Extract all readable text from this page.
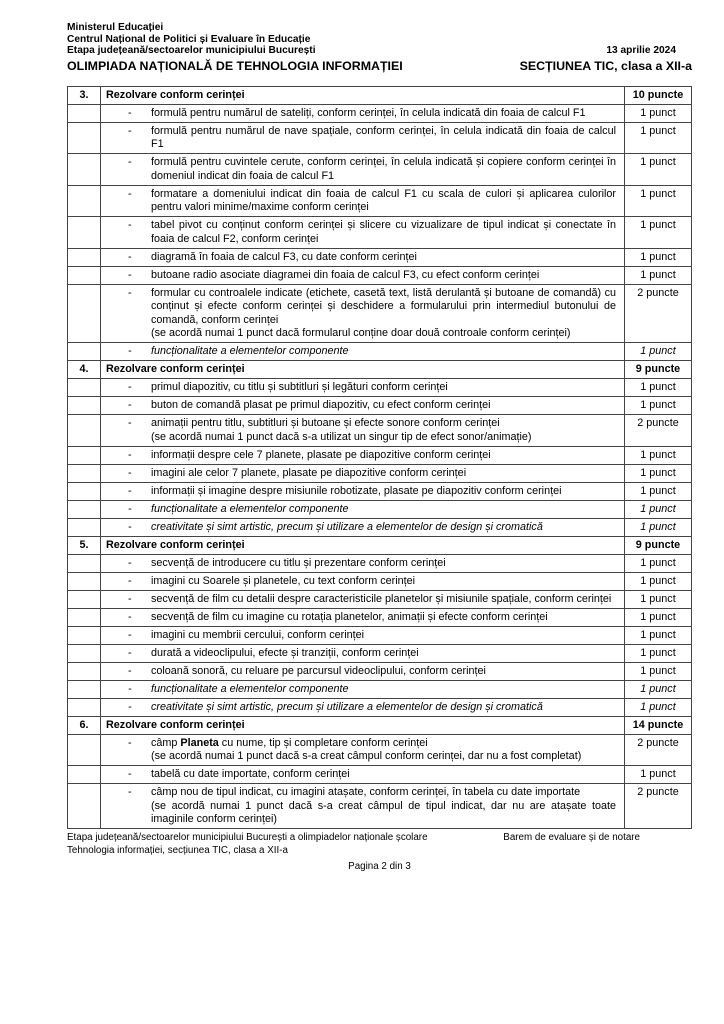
Ministerul Educației
Centrul Național de Politici și Evaluare în Educație
Etapa județeană/sectoarelor municipiului București	13 aprilie 2024
OLIMPIADA NAȚIONALĂ DE TEHNOLOGIA INFORMAȚIEI	SECȚIUNEA TIC, clasa a XII-a
3.	Rezolvare conform cerinței	10 puncte

	- formulă pentru numărul de sateliți, conform cerinței, în celula indicată din foaia de calcul F1	1 punct

	- formulă pentru numărul de nave spațiale, conform cerinței, în celula indicată din foaia de calcul F1	1 punct

	- formulă pentru cuvintele cerute, conform cerinței, în celula indicată și copiere conform cerinței în domeniul indicat din foaia de calcul F1	1 punct

	- formatare a domeniului indicat din foaia de calcul F1 cu scala de culori și aplicarea culorilor pentru valori minime/maxime conform cerinței	1 punct

	- tabel pivot cu conținut conform cerinței și slicere cu vizualizare de tipul indicat și conectate în foaia de calcul F2, conform cerinței	1 punct

	- diagramă în foaia de calcul F3, cu date conform cerinței	1 punct

	- butoane radio asociate diagramei din foaia de calcul F3, cu efect conform cerinței	1 punct

	- formular cu controalele indicate (etichete, casetă text, listă derulantă și butoane de comandă) cu conținut și efecte conform cerinței și deschidere a formularului prin intermediul butonului de comandă, conform cerinței
(se acordă numai 1 punct dacă formularul conține doar două controale conform cerinței)	2 puncte

	- funcționalitate a elementelor componente	1 punct
4.	Rezolvare conform cerinței	9 puncte

	- primul diapozitiv, cu titlu și subtitluri și legături conform cerinței	1 punct

	- buton de comandă plasat pe primul diapozitiv, cu efect conform cerinței	1 punct

	- animații pentru titlu, subtitluri și butoane și efecte sonore conform cerinței
(se acordă numai 1 punct dacă s-a utilizat un singur tip de efect sonor/animație)	2 puncte

	- informații despre cele 7 planete, plasate pe diapozitive conform cerinței	1 punct

	- imagini ale celor 7 planete, plasate pe diapozitive conform cerinței	1 punct

	- informații și imagine despre misiunile robotizate, plasate pe diapozitiv conform cerinței	1 punct

	- funcționalitate a elementelor componente	1 punct

	- creativitate și simt artistic, precum și utilizare a elementelor de design și cromatică	1 punct
5.	Rezolvare conform cerinței	9 puncte

	- secvență de introducere cu titlu și prezentare conform cerinței	1 punct

	- imagini cu Soarele și planetele, cu text conform cerinței	1 punct

	- secvență de film cu detalii despre caracteristicile planetelor și misiunile spațiale, conform cerinței	1 punct

	- secvență de film cu imagine cu rotația planetelor, animații și efecte conform cerinței	1 punct

	- imagini cu membrii cercului, conform cerinței	1 punct

	- durată a videoclipului, efecte și tranziții, conform cerinței	1 punct

	- coloană sonoră, cu reluare pe parcursul videoclipului, conform cerinței	1 punct

	- funcționalitate a elementelor componente	1 punct

	- creativitate și simt artistic, precum și utilizare a elementelor de design și cromatică	1 punct
6.	Rezolvare conform cerinței	14 puncte

	- câmp Planeta cu nume, tip și completare conform cerinței
(se acordă numai 1 punct dacă s-a creat câmpul conform cerinței, dar nu a fost completat)	2 puncte

	- tabelă cu date importate, conform cerinței	1 punct

	- câmp nou de tipul indicat, cu imagini atașate, conform cerinței, în tabela cu date importate
(se acordă numai 1 punct dacă s-a creat câmpul de tipul indicat, dar nu are atașate toate imaginile conform cerinței)	2 puncte
Etapa județeană/sectoarelor municipiului București a olimpiadelor naționale școlare	Barem de evaluare și de notare
Tehnologia informației, secțiunea TIC, clasa a XII-a
Pagina 2 din 3
